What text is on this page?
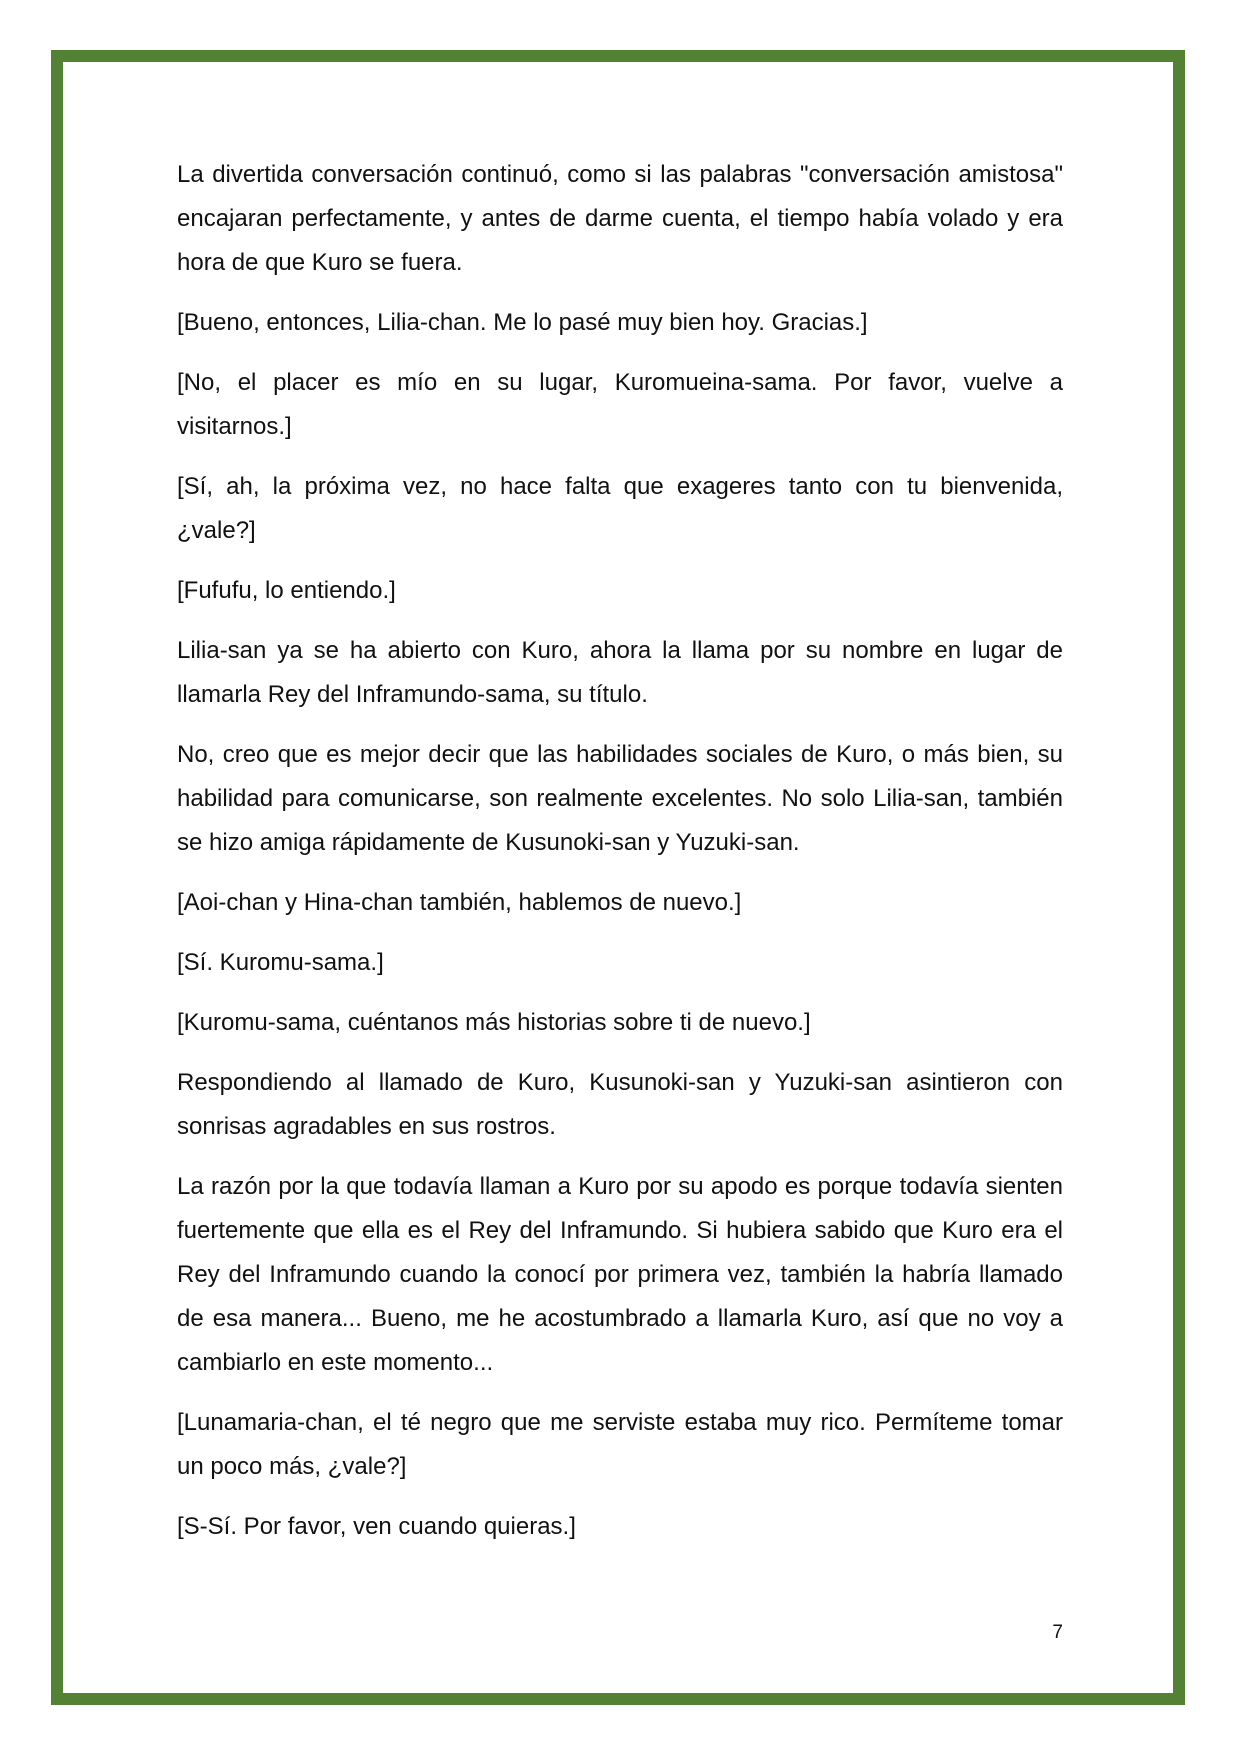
La divertida conversación continuó, como si las palabras "conversación amistosa" encajaran perfectamente, y antes de darme cuenta, el tiempo había volado y era hora de que Kuro se fuera.

[Bueno, entonces, Lilia-chan. Me lo pasé muy bien hoy. Gracias.]

[No, el placer es mío en su lugar, Kuromueina-sama. Por favor, vuelve a visitarnos.]

[Sí, ah, la próxima vez, no hace falta que exageres tanto con tu bienvenida, ¿vale?]

[Fufufu, lo entiendo.]

Lilia-san ya se ha abierto con Kuro, ahora la llama por su nombre en lugar de llamarla Rey del Inframundo-sama, su título.

No, creo que es mejor decir que las habilidades sociales de Kuro, o más bien, su habilidad para comunicarse, son realmente excelentes. No solo Lilia-san, también se hizo amiga rápidamente de Kusunoki-san y Yuzuki-san.

[Aoi-chan y Hina-chan también, hablemos de nuevo.]

[Sí. Kuromu-sama.]

[Kuromu-sama, cuéntanos más historias sobre ti de nuevo.]

Respondiendo al llamado de Kuro, Kusunoki-san y Yuzuki-san asintieron con sonrisas agradables en sus rostros.

La razón por la que todavía llaman a Kuro por su apodo es porque todavía sienten fuertemente que ella es el Rey del Inframundo. Si hubiera sabido que Kuro era el Rey del Inframundo cuando la conocí por primera vez, también la habría llamado de esa manera... Bueno, me he acostumbrado a llamarla Kuro, así que no voy a cambiarlo en este momento...

[Lunamaria-chan, el té negro que me serviste estaba muy rico. Permíteme tomar un poco más, ¿vale?]

[S-Sí. Por favor, ven cuando quieras.]

7
